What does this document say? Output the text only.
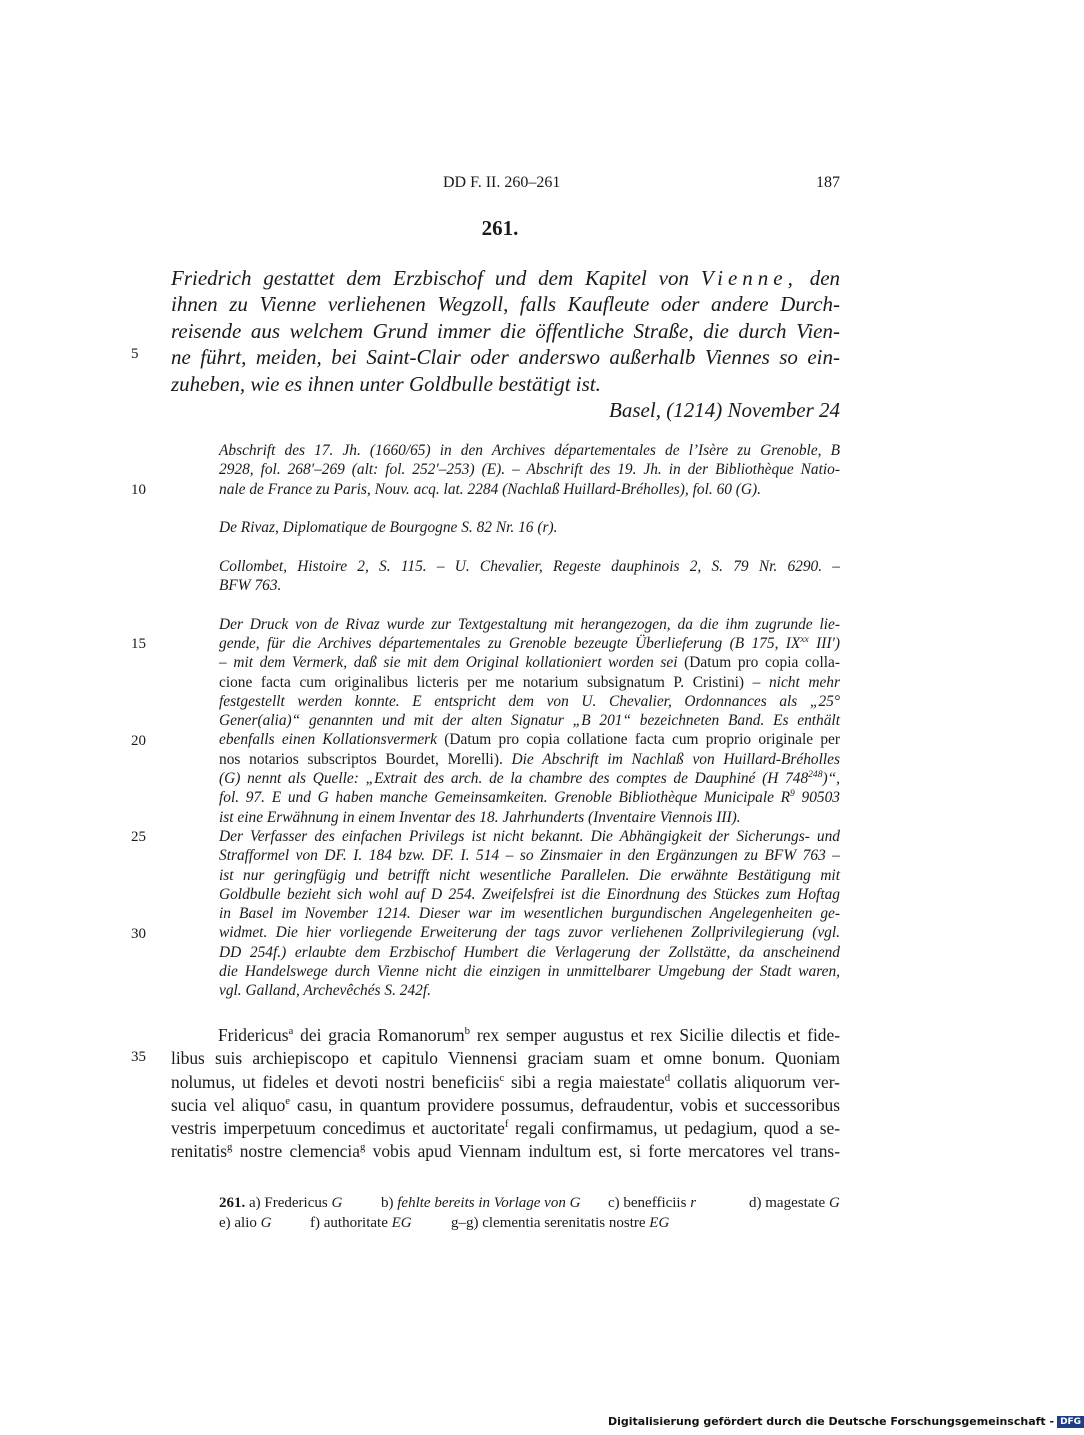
DD F. II. 260–261	187
261.
Friedrich gestattet dem Erzbischof und dem Kapitel von Vienne, den
ihnen zu Vienne verliehenen Wegzoll, falls Kaufleute oder andere Durch-
reisende aus welchem Grund immer die öffentliche Straße, die durch Vien-
ne führt, meiden, bei Saint-Clair oder anderswo außerhalb Viennes so ein-
zuheben, wie es ihnen unter Goldbulle bestätigt ist.
Basel, (1214) November 24
Abschrift des 17. Jh. (1660/65) in den Archives départementales de l’Isère zu Grenoble, B
2928, fol. 268′–269 (alt: fol. 252′–253) (E). – Abschrift des 19. Jh. in der Bibliothèque Natio-
nale de France zu Paris, Nouv. acq. lat. 2284 (Nachlaß Huillard-Bréholles), fol. 60 (G).
De Rivaz, Diplomatique de Bourgogne S. 82 Nr. 16 (r).
Collombet, Histoire 2, S. 115. – U. Chevalier, Regeste dauphinois 2, S. 79 Nr. 6290. –
BFW 763.
Der Druck von de Rivaz wurde zur Textgestaltung mit herangezogen, da die ihm zugrunde lie-
gende, für die Archives départementales zu Grenoble bezeugte Überlieferung (B 175, IX$^{xx}$ III′)
– mit dem Vermerk, daß sie mit dem Original kollationiert worden sei (Datum pro copia colla-
cione facta cum originalibus licteris per me notarium subsignatum P. Cristini) – nicht mehr
festgestellt werden konnte. E entspricht dem von U. Chevalier, Ordonnances als „25°
Gener(alia)“ genannten und mit der alten Signatur „B 201“ bezeichneten Band. Es enthält
ebenfalls einen Kollationsvermerk (Datum pro copia collatione facta cum proprio originale per
nos notarios subscriptos Bourdet, Morelli). Die Abschrift im Nachlaß von Huillard-Bréholles
(G) nennt als Quelle: „Extrait des arch. de la chambre des comptes de Dauphiné (H $748^{248})“$,
fol. 97. E und G haben manche Gemeinsamkeiten. Grenoble Bibliothèque Municipale $R^9$ 90503
ist eine Erwähnung in einem Inventar des 18. Jahrhunderts (Inventaire Viennois III).
Der Verfasser des einfachen Privilegs ist nicht bekannt. Die Abhängigkeit der Sicherungs- und
Strafformel von DF. I. 184 bzw. DF. I. 514 – so Zinsmaier in den Ergänzungen zu BFW 763 –
ist nur geringfügig und betrifft nicht wesentliche Parallelen. Die erwähnte Bestätigung mit
Goldbulle bezieht sich wohl auf D 254. Zweifelsfrei ist die Einordnung des Stückes zum Hoftag
in Basel im November 1214. Dieser war im wesentlichen burgundischen Angelegenheiten ge-
widmet. Die hier vorliegende Erweiterung der tags zuvor verliehenen Zollprivilegierung (vgl.
DD 254f.) erlaubte dem Erzbischof Humbert die Verlagerung der Zollstätte, da anscheinend
die Handelswege durch Vienne nicht die einzigen in unmittelbarer Umgebung der Stadt waren,
vgl. Galland, Archevêchés S. 242f.
Fridericus$^a$ dei gracia Romanorum$^b$ rex semper augustus et rex Sicilie dilectis et fide-
libus suis archiepiscopo et capitulo Viennensi graciam suam et omne bonum. Quoniam
nolumus, ut fideles et devoti nostri beneficiis$^c$ sibi a regia maiestate$^d$ collatis aliquorum ver-
sucia vel aliquo$^e$ casu, in quantum providere possumus, defraudentur, vobis et successoribus
vestris imperpetuum concedimus et auctoritate$^f$ regali confirmamus, ut pedagium, quod a se-
renitatis$^g$ nostre clemencia$^g$ vobis apud Viennam indultum est, si forte mercatores vel trans-
261. a) Fredericus G	b) fehlte bereits in Vorlage von G c) benefficiis r	d) magestate G
e) alio G	f) authoritate EG	g–g) clementia serenitatis nostre EG
5
10
15
20
25
30
35
Digitalisierung gefördert durch die Deutsche Forschungsgemeinschaft - DFG
